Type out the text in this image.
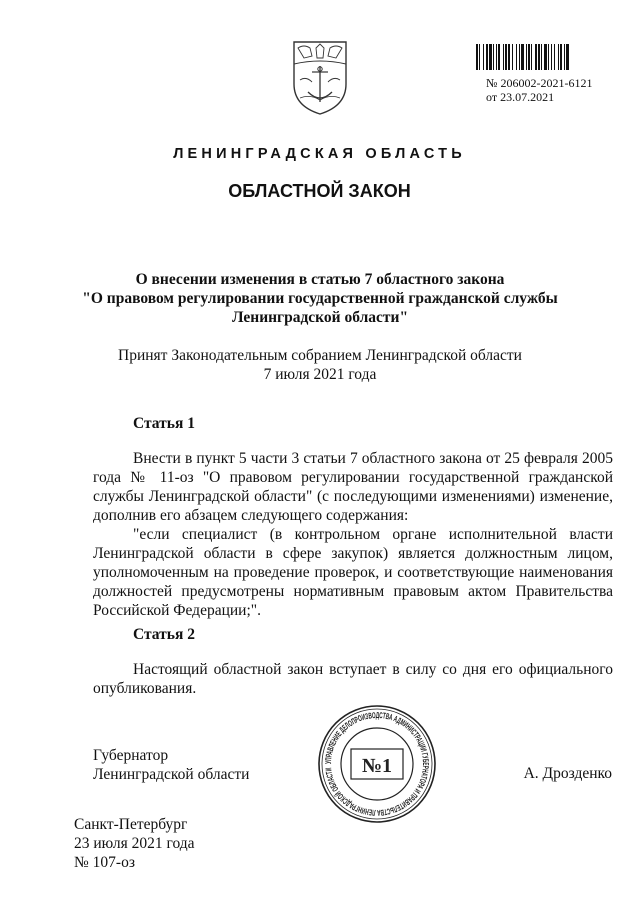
№ 206002-2021-6121
от 23.07.2021
ЛЕНИНГРАДСКАЯ ОБЛАСТЬ
ОБЛАСТНОЙ ЗАКОН
О внесении изменения в статью 7 областного закона
"О правовом регулировании государственной гражданской службы
Ленинградской области"
Принят Законодательным собранием Ленинградской области
7 июля 2021 года
Статья 1
Внести в пункт 5 части 3 статьи 7 областного закона от 25 февраля 2005 года № 11-оз "О правовом регулировании государственной гражданской службы Ленинградской области" (с последующими изменениями) изменение, дополнив его абзацем следующего содержания:
"если специалист (в контрольном органе исполнительной власти Ленинградской области в сфере закупок) является должностным лицом, уполномоченным на проведение проверок, и соответствующие наименования должностей предусмотрены нормативным правовым актом Правительства Российской Федерации;".
Статья 2
Настоящий областной закон вступает в силу со дня его официального опубликования.
Губернатор
Ленинградской области	А. Дрозденко
УПРАВЛЕНИЕ ДЕЛОПРОИЗВОДСТВА АДМИНИСТРАЦИИ ГУБЕРНАТОРА И ПРАВИТЕЛЬСТВА ЛЕНИНГРАДСКОЙ ОБЛАСТИ	№1
Санкт-Петербург
23 июля 2021 года
№ 107-оз
